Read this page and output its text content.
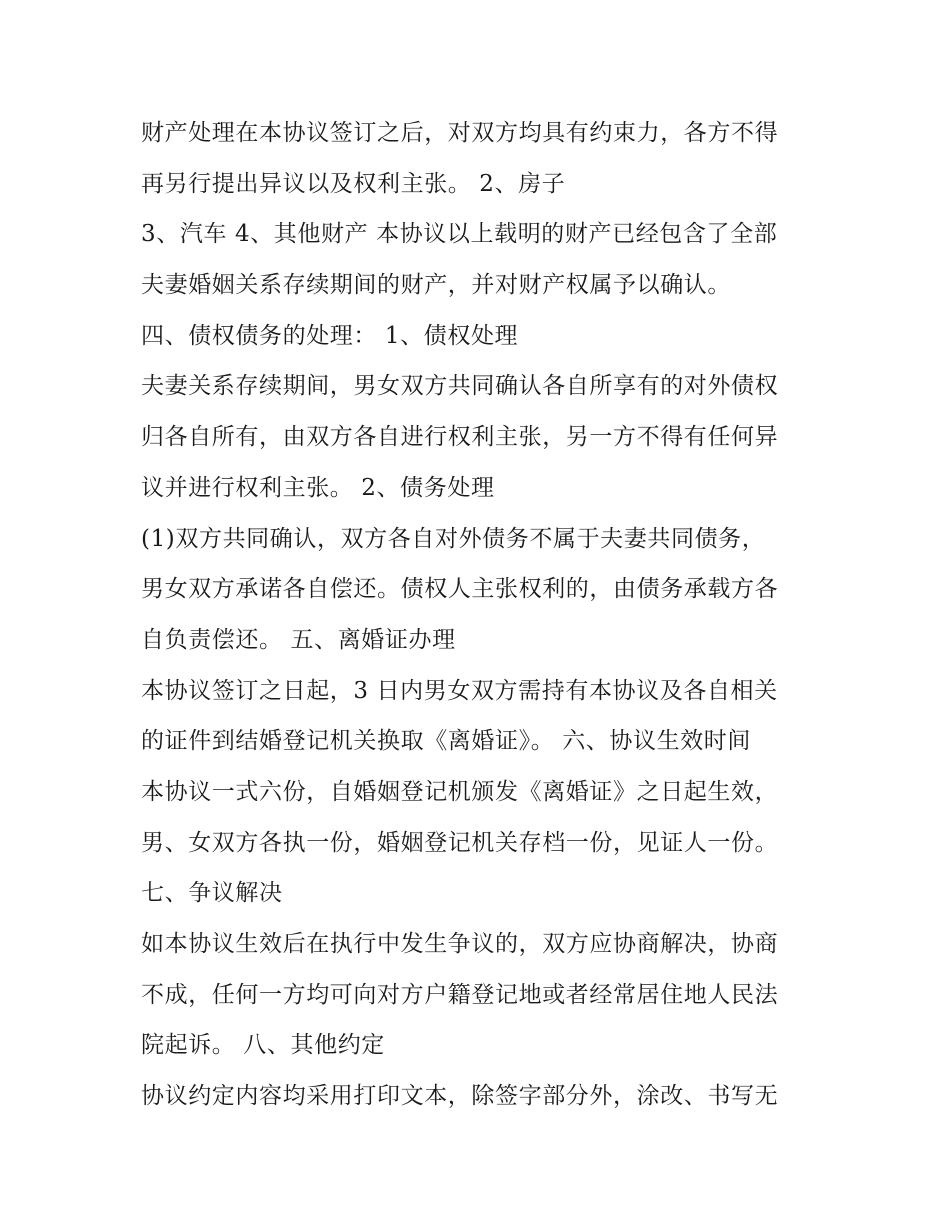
财产处理在本协议签订之后，对双方均具有约束力，各方不得
再另行提出异议以及权利主张。 2、房子
3、汽车 4、其他财产 本协议以上载明的财产已经包含了全部
夫妻婚姻关系存续期间的财产，并对财产权属予以确认。
四、债权债务的处理： 1、债权处理
夫妻关系存续期间，男女双方共同确认各自所享有的对外债权
归各自所有，由双方各自进行权利主张，另一方不得有任何异
议并进行权利主张。 2、债务处理
(1)双方共同确认，双方各自对外债务不属于夫妻共同债务，
男女双方承诺各自偿还。债权人主张权利的，由债务承载方各
自负责偿还。 五、离婚证办理
本协议签订之日起，3 日内男女双方需持有本协议及各自相关
的证件到结婚登记机关换取《离婚证》。 六、协议生效时间
本协议一式六份，自婚姻登记机颁发《离婚证》之日起生效，
男、女双方各执一份，婚姻登记机关存档一份，见证人一份。
七、争议解决
如本协议生效后在执行中发生争议的，双方应协商解决，协商
不成，任何一方均可向对方户籍登记地或者经常居住地人民法
院起诉。 八、其他约定
协议约定内容均采用打印文本，除签字部分外，涂改、书写无
